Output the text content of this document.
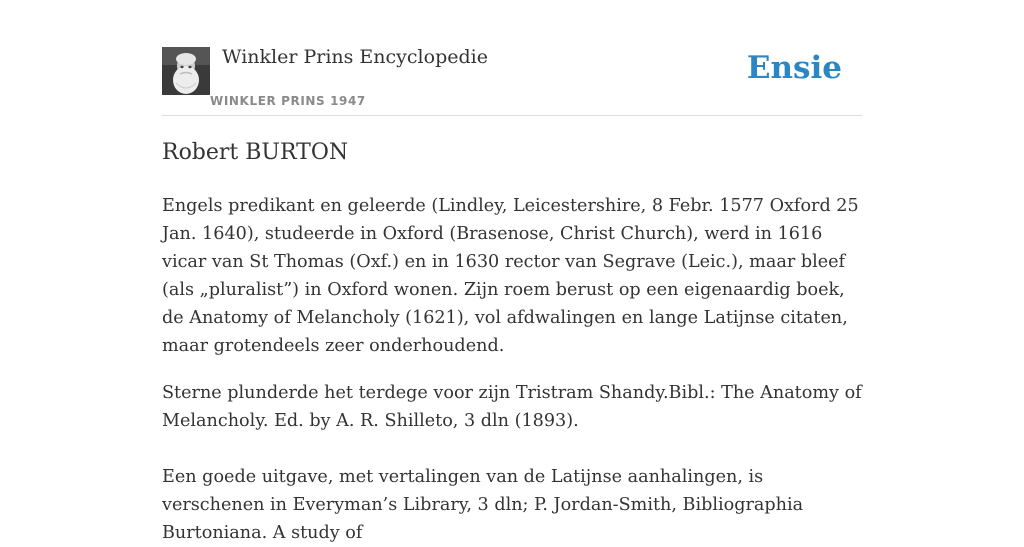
Winkler Prins Encyclopedie
WINKLER PRINS 1947
Ensie
Robert BURTON

Engels predikant en geleerde (Lindley, Leicestershire, 8 Febr. 1577 Oxford 25 Jan. 1640), studeerde in Oxford (Brasenose, Christ Church), werd in 1616 vicar van St Thomas (Oxf.) en in 1630 rector van Segrave (Leic.), maar bleef (als „pluralist”) in Oxford wonen. Zijn roem berust op een eigenaardig boek, de Anatomy of Melancholy (1621), vol afdwalingen en lange Latijnse citaten, maar grotendeels zeer onderhoudend.

Sterne plunderde het terdege voor zijn Tristram Shandy.Bibl.: The Anatomy of Melancholy. Ed. by A. R. Shilleto, 3 dln (1893).

Een goede uitgave, met vertalingen van de Latijnse aanhalingen, is verschenen in Everyman’s Library, 3 dln; P. Jordan-Smith, Bibliographia Burtoniana. A study of
